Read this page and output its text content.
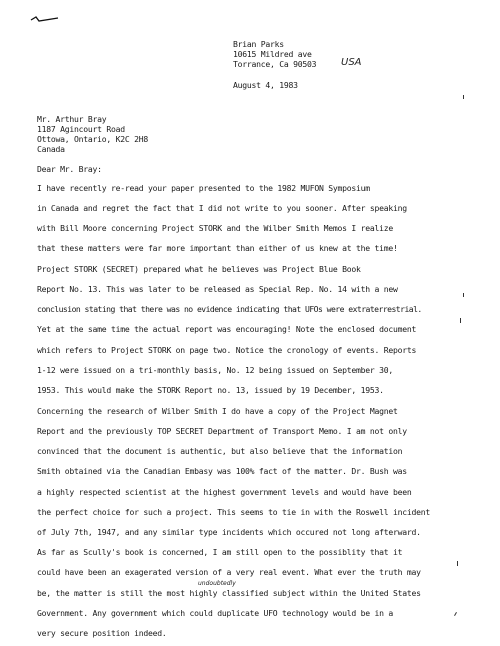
Brian Parks
10615 Mildred ave
Torrance, Ca 90503 USA
August 4, 1983
Mr. Arthur Bray
1187 Agincourt Road
Ottowa, Ontario, K2C 2H8
Canada
Dear Mr. Bray:
I have recently re-read your paper presented to the 1982 MUFON Symposium
in Canada and regret the fact that I did not write to you sooner. After speaking
with Bill Moore concerning Project STORK and the Wilber Smith Memos I realize
that these matters were far more important than either of us knew at the time!
Project STORK (SECRET) prepared what he believes was Project Blue Book
Report No. 13. This was later to be released as Special Rep. No. 14 with a new
conclusion stating that there was no evidence indicating that UFOs were extraterrestrial.
Yet at the same time the actual report was encouraging! Note the enclosed document
which refers to Project STORK on page two. Notice the cronology of events. Reports
1-12 were issued on a tri-monthly basis, No. 12 being issued on September 30,
1953. This would make the STORK Report no. 13, issued by 19 December, 1953.
Concerning the research of Wilber Smith I do have a copy of the Project Magnet
Report and the previously TOP SECRET Department of Transport Memo. I am not only
convinced that the document is authentic, but also believe that the information
Smith obtained via the Canadian Embasy was 100% fact of the matter. Dr. Bush was
a highly respected scientist at the highest government levels and would have been
the perfect choice for such a project. This seems to tie in with the Roswell incident
of July 7th, 1947, and any similar type incidents which occured not long afterward.
As far as Scully's book is concerned, I am still open to the possiblity that it
could have been an exagerated version of a very real event. What ever the truth may
undoubtedly
be, the matter is still the most highly classified subject within the United States
Government. Any government which could duplicate UFO technology would be in a
very secure position indeed.
